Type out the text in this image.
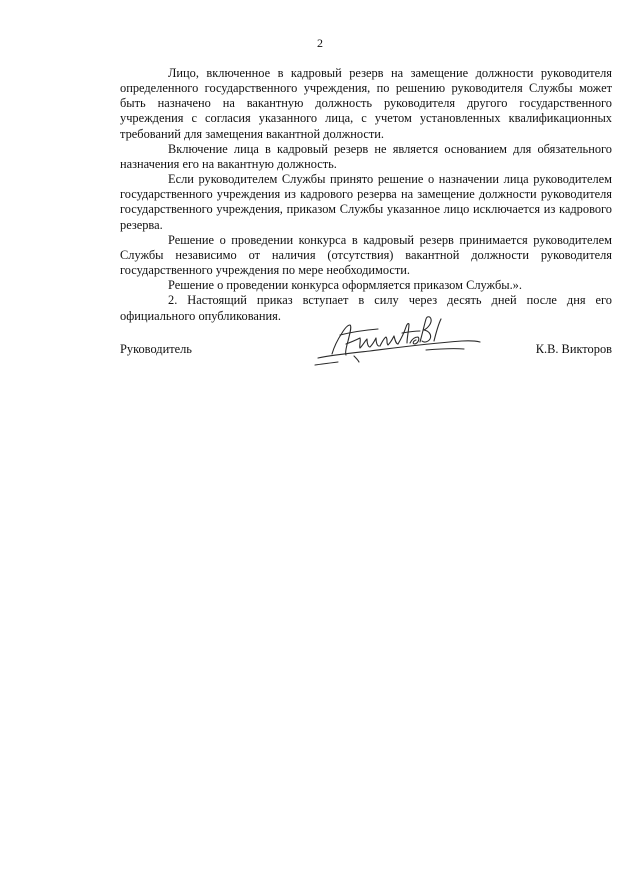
2

Лицо, включенное в кадровый резерв на замещение должности руководителя определенного государственного учреждения, по решению руководителя Службы может быть назначено на вакантную должность руководителя другого государственного учреждения с согласия указанного лица, с учетом установленных квалификационных требований для замещения вакантной должности.

Включение лица в кадровый резерв не является основанием для обязательного назначения его на вакантную должность.

Если руководителем Службы принято решение о назначении лица руководителем государственного учреждения из кадрового резерва на замещение должности руководителя государственного учреждения, приказом Службы указанное лицо исключается из кадрового резерва.

Решение о проведении конкурса в кадровый резерв принимается руководителем Службы независимо от наличия (отсутствия) вакантной должности руководителя государственного учреждения по мере необходимости.

Решение о проведении конкурса оформляется приказом Службы.».

2. Настоящий приказ вступает в силу через десять дней после дня его официального опубликования.

Руководитель	К.В. Викторов
